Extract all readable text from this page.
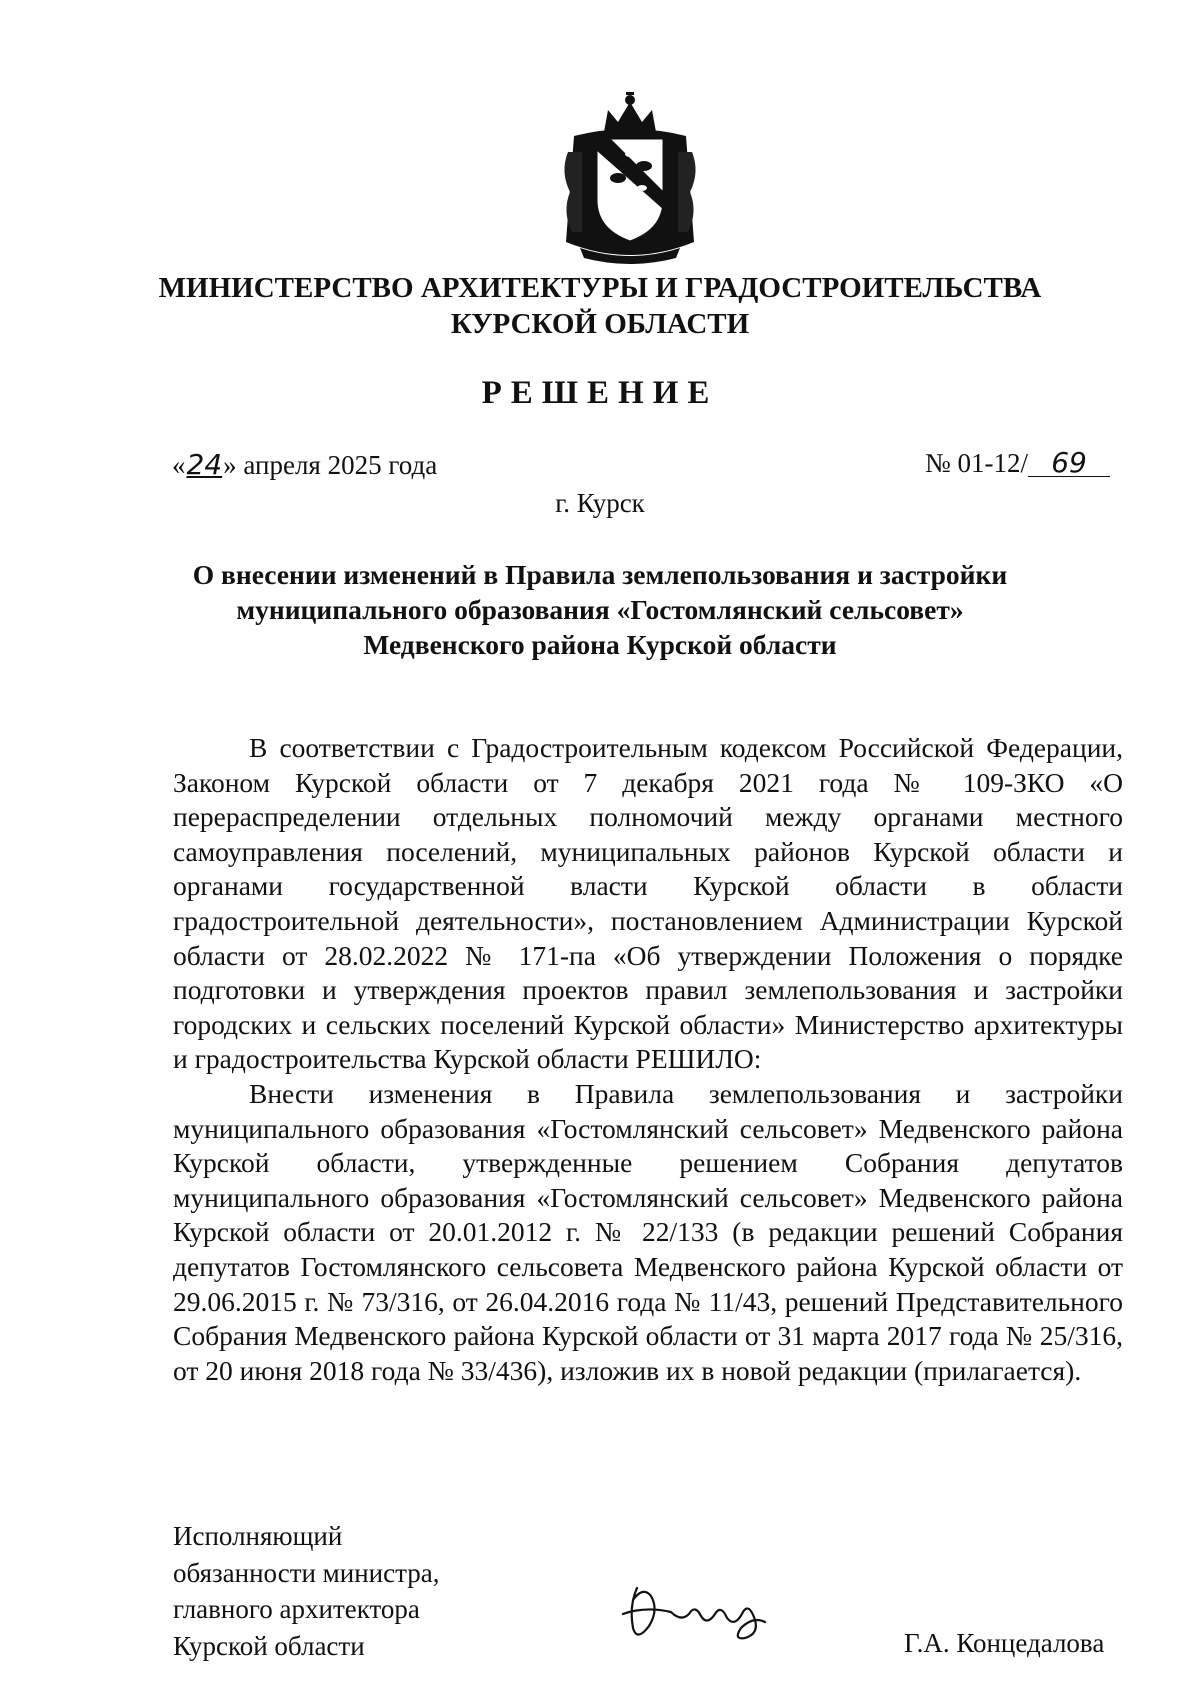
МИНИСТЕРСТВО АРХИТЕКТУРЫ И ГРАДОСТРОИТЕЛЬСТВА
КУРСКОЙ ОБЛАСТИ
РЕШЕНИЕ
«24» апреля 2025 года	№ 01-12/ 69
г. Курск
О внесении изменений в Правила землепользования и застройки
муниципального образования «Гостомлянский сельсовет»
Медвенского района Курской области

В соответствии с Градостроительным кодексом Российской Федерации, Законом Курской области от 7 декабря 2021 года № 109-ЗКО «О перераспределении отдельных полномочий между органами местного самоуправления поселений, муниципальных районов Курской области и органами государственной власти Курской области в области градостроительной деятельности», постановлением Администрации Курской области от 28.02.2022 № 171-па «Об утверждении Положения о порядке подготовки и утверждения проектов правил землепользования и застройки городских и сельских поселений Курской области» Министерство архитектуры и градостроительства Курской области РЕШИЛО:

Внести изменения в Правила землепользования и застройки муниципального образования «Гостомлянский сельсовет» Медвенского района Курской области, утвержденные решением Собрания депутатов муниципального образования «Гостомлянский сельсовет» Медвенского района Курской области от 20.01.2012 г. № 22/133 (в редакции решений Собрания депутатов Гостомлянского сельсовета Медвенского района Курской области от 29.06.2015 г. № 73/316, от 26.04.2016 года № 11/43, решений Представительного Собрания Медвенского района Курской области от 31 марта 2017 года № 25/316, от 20 июня 2018 года № 33/436), изложив их в новой редакции (прилагается).

Исполняющий
обязанности министра,
главного архитектора
Курской области	Г.А. Концедалова
